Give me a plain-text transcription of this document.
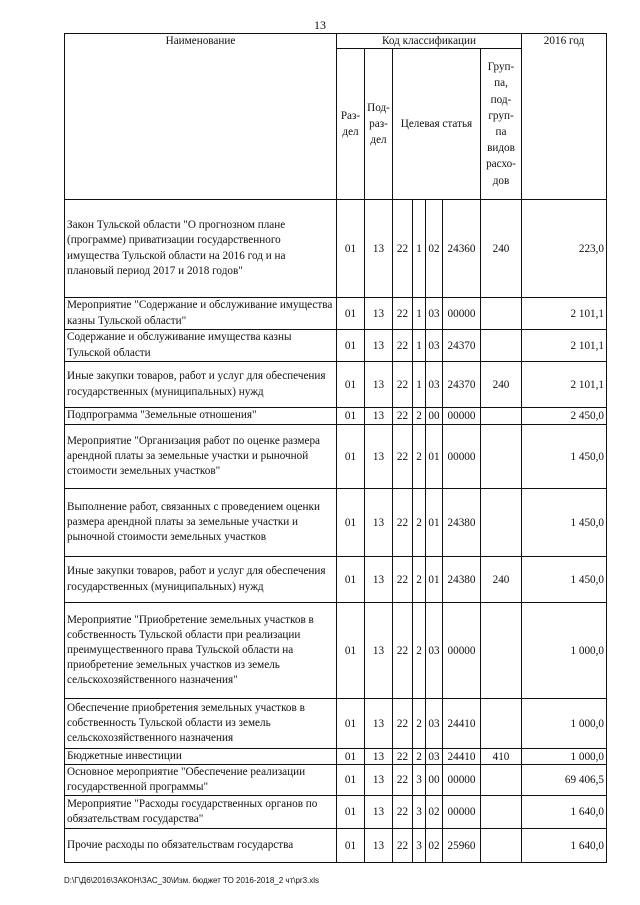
13
Наименование	Код классификации							2016 год
	Раз-дел	Под-раз-дел	Целевая статья				Груп-па, под-груп-па видов расхо-дов	
Закон Тульской области "О прогнозном плане (программе) приватизации государственного имущества Тульской области на 2016 год и на плановый период 2017 и 2018 годов"	01	13	22	1	02	24360	240	223,0
Мероприятие "Содержание и обслуживание имущества казны Тульской области"	01	13	22	1	03	00000		2 101,1
Содержание и обслуживание имущества казны Тульской области	01	13	22	1	03	24370		2 101,1
Иные закупки товаров, работ и услуг для обеспечения государственных (муниципальных) нужд	01	13	22	1	03	24370	240	2 101,1
Подпрограмма "Земельные отношения"	01	13	22	2	00	00000		2 450,0
Мероприятие "Организация работ по оценке размера арендной платы за земельные участки и рыночной стоимости земельных участков"	01	13	22	2	01	00000		1 450,0
Выполнение работ, связанных с проведением оценки размера арендной платы за земельные участки и рыночной стоимости земельных участков	01	13	22	2	01	24380		1 450,0
Иные закупки товаров, работ и услуг для обеспечения государственных (муниципальных) нужд	01	13	22	2	01	24380	240	1 450,0
Мероприятие "Приобретение земельных участков в собственность Тульской области при реализации преимущественного права Тульской области на приобретение земельных участков из земель сельскохозяйственного назначения"	01	13	22	2	03	00000		1 000,0
Обеспечение приобретения земельных участков в собственность Тульской области из земель сельскохозяйственного назначения	01	13	22	2	03	24410		1 000,0
Бюджетные инвестиции	01	13	22	2	03	24410	410	1 000,0
Основное мероприятие "Обеспечение реализации государственной программы"	01	13	22	3	00	00000		69 406,5
Мероприятие "Расходы государственных органов по обязательствам государства"	01	13	22	3	02	00000		1 640,0
Прочие расходы по обязательствам государства	01	13	22	3	02	25960		1 640,0
D:\Г\Д6\2016\ЗАКОН\ЗАС_30\Изм. бюджет ТО 2016-2018_2 чт\pr3.xls
